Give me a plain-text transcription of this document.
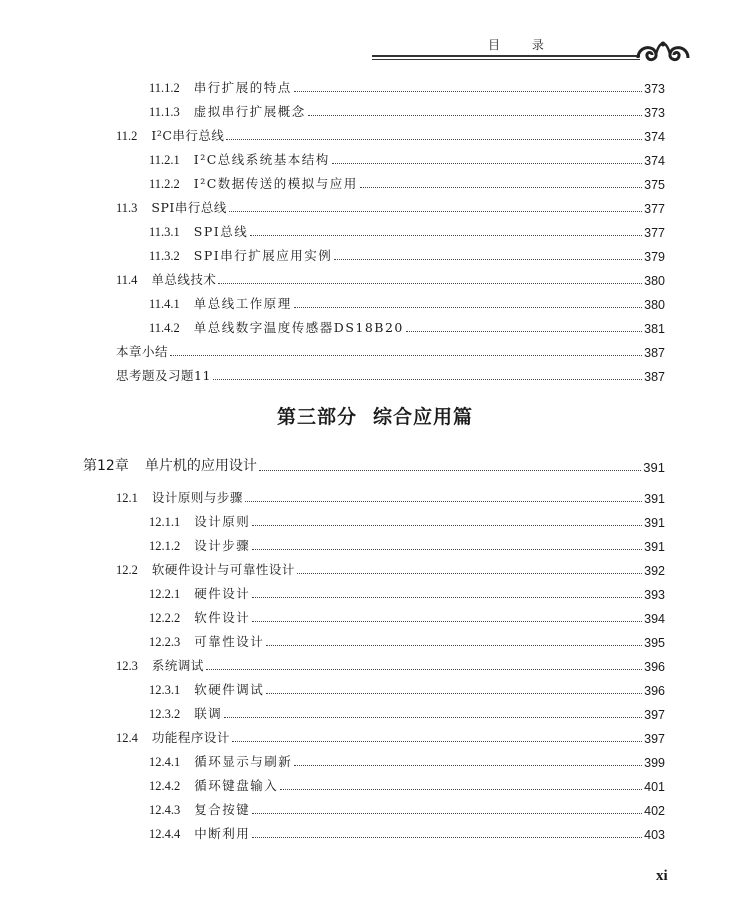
目 录
11.1.2 串行扩展的特点	373
11.1.3 虚拟串行扩展概念	373
11.2 I²C串行总线	374
11.2.1 I²C总线系统基本结构	374
11.2.2 I²C数据传送的模拟与应用	375
11.3 SPI串行总线	377
11.3.1 SPI总线	377
11.3.2 SPI串行扩展应用实例	379
11.4 单总线技术	380
11.4.1 单总线工作原理	380
11.4.2 单总线数字温度传感器DS18B20	381
本章小结	387
思考题及习题11	387
第12章 单片机的应用设计	391
12.1 设计原则与步骤	391
12.1.1 设计原则	391
12.1.2 设计步骤	391
12.2 软硬件设计与可靠性设计	392
12.2.1 硬件设计	393
12.2.2 软件设计	394
12.2.3 可靠性设计	395
12.3 系统调试	396
12.3.1 软硬件调试	396
12.3.2 联调	397
12.4 功能程序设计	397
12.4.1 循环显示与刷新	399
12.4.2 循环键盘输入	401
12.4.3 复合按键	402
12.4.4 中断利用	403
第三部分 综合应用篇
xi
